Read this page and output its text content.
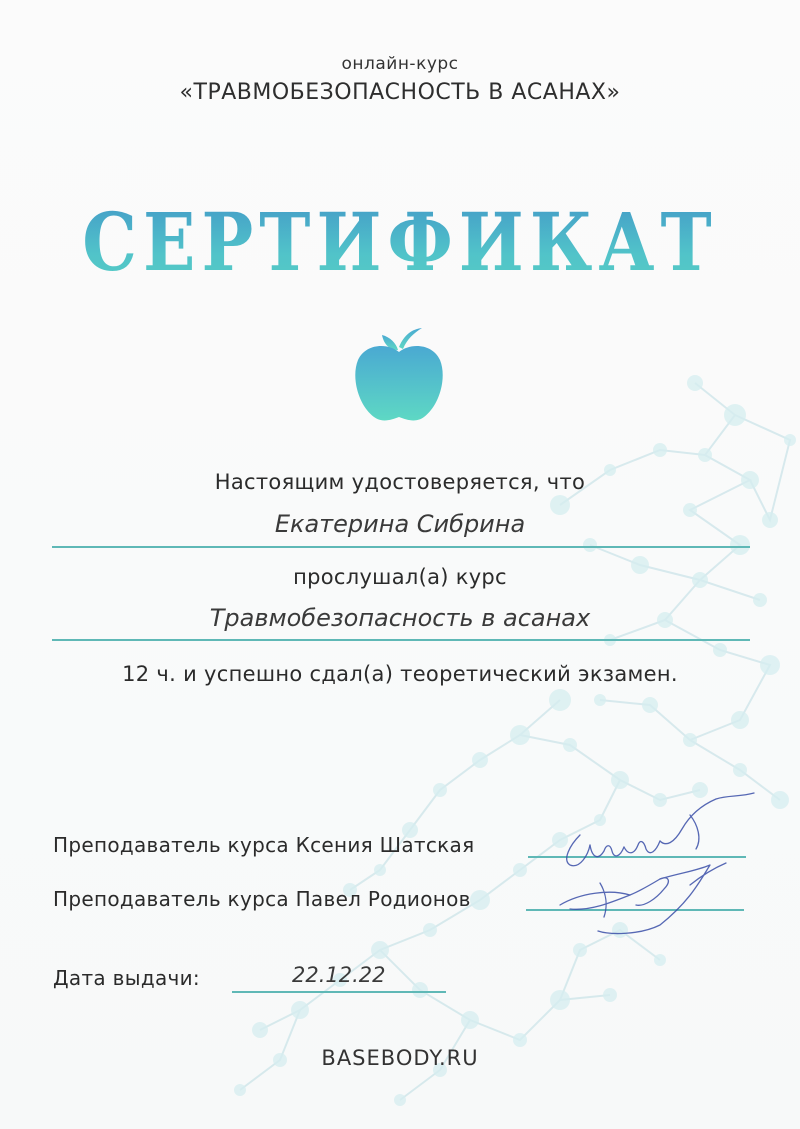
онлайн-курс
«ТРАВМОБЕЗОПАСНОСТЬ В АСАНАХ»
СЕРТИФИКАТ
Настоящим удостоверяется, что
Екатерина Сибрина
прослушал(а) курс
Травмобезопасность в асанах
12 ч. и успешно сдал(а) теоретический экзамен.
Преподаватель курса Ксения Шатская
Преподаватель курса Павел Родионов
Дата выдачи:	22.12.22
BASEBODY.RU
